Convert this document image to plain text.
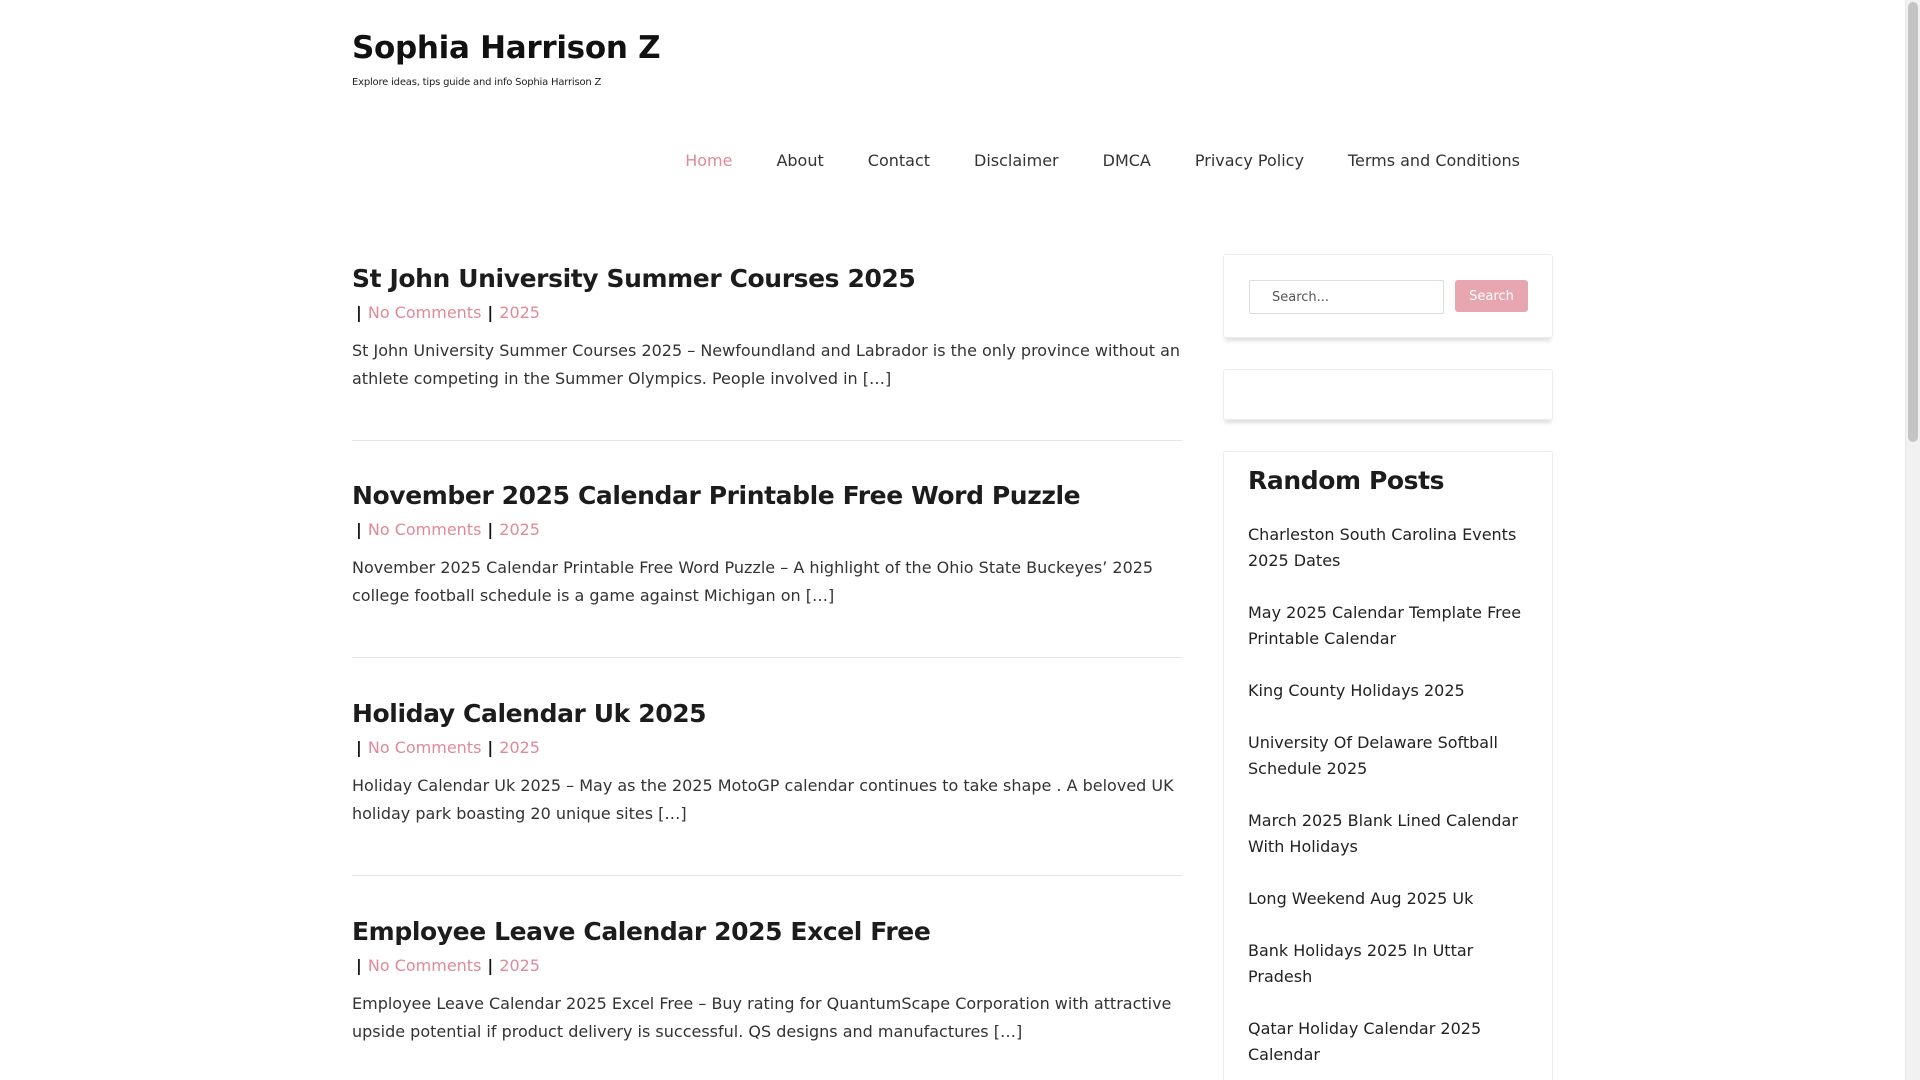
Sophia Harrison Z
Explore ideas, tips guide and info Sophia Harrison Z
Home	About	Contact	Disclaimer	DMCA	Privacy Policy	Terms and Conditions
St John University Summer Courses 2025
| No Comments | 2025

St John University Summer Courses 2025 – Newfoundland and Labrador is the only province without an athlete competing in the Summer Olympics. People involved in […]

November 2025 Calendar Printable Free Word Puzzle
| No Comments | 2025

November 2025 Calendar Printable Free Word Puzzle – A highlight of the Ohio State Buckeyes’ 2025 college football schedule is a game against Michigan on […]

Holiday Calendar Uk 2025
| No Comments | 2025

Holiday Calendar Uk 2025 – May as the 2025 MotoGP calendar continues to take shape . A beloved UK holiday park boasting 20 unique sites […]

Employee Leave Calendar 2025 Excel Free
| No Comments | 2025

Employee Leave Calendar 2025 Excel Free – Buy rating for QuantumScape Corporation with attractive upside potential if product delivery is successful. QS designs and manufactures […]

Search...
Search
Random Posts
Charleston South Carolina Events 2025 Dates
May 2025 Calendar Template Free Printable Calendar
King County Holidays 2025
University Of Delaware Softball Schedule 2025
March 2025 Blank Lined Calendar With Holidays
Long Weekend Aug 2025 Uk
Bank Holidays 2025 In Uttar Pradesh
Qatar Holiday Calendar 2025 Calendar
